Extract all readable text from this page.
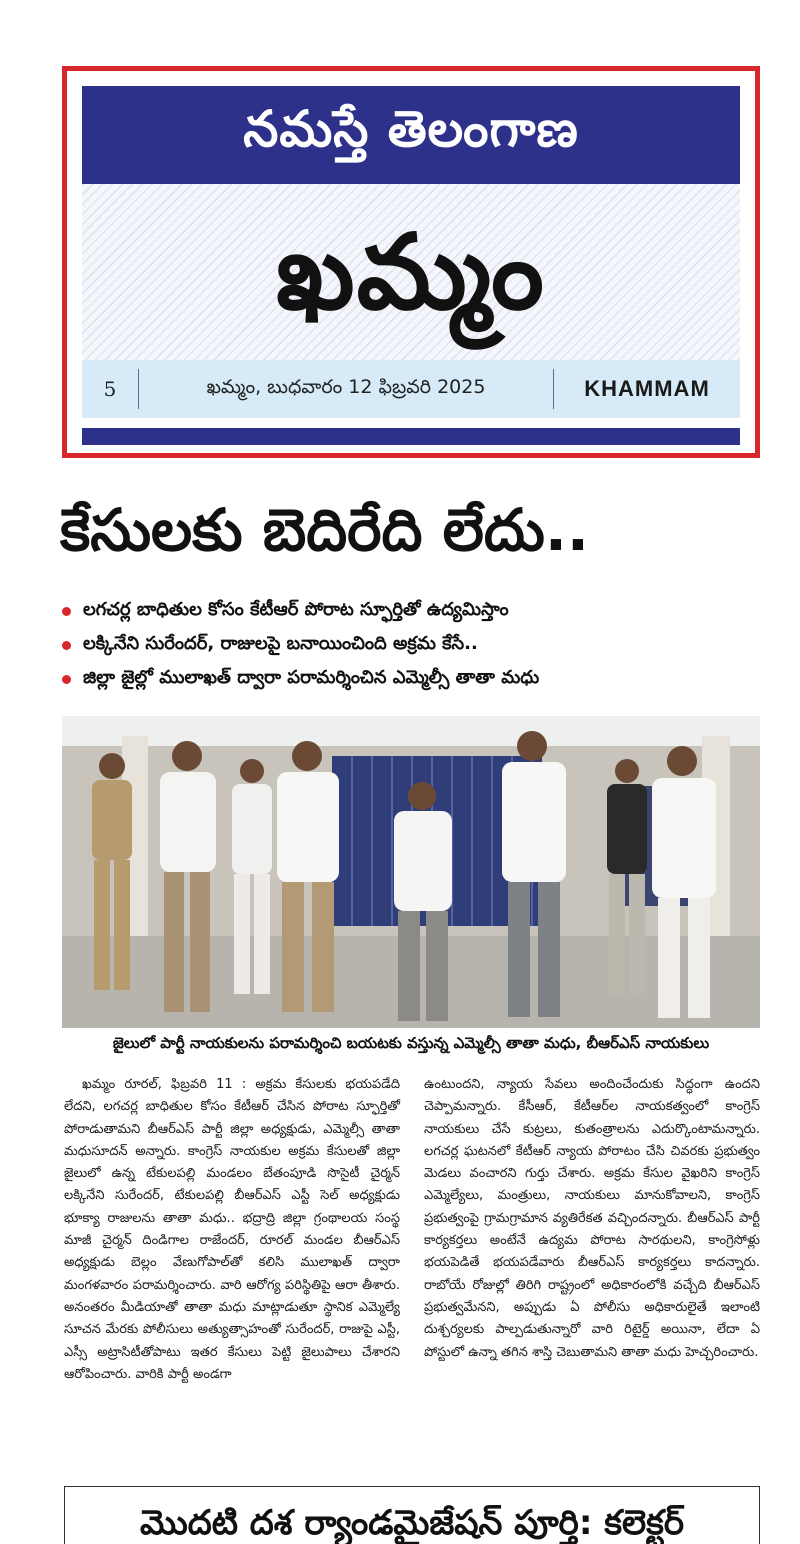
నమస్తే తెలంగాణ
ఖమ్మం
5	ఖమ్మం, బుధవారం 12 ఫిబ్రవరి 2025	KHAMMAM
కేసులకు బెదిరేది లేదు..
లగచర్ల బాధితుల కోసం కేటీఆర్ పోరాట స్ఫూర్తితో ఉద్యమిస్తాం
లక్కినేని సురేందర్, రాజులపై బనాయించింది అక్రమ కేసే..
జిల్లా జైల్లో ములాఖత్ ద్వారా పరామర్శించిన ఎమ్మెల్సీ తాతా మధు
జైలులో పార్టీ నాయకులను పరామర్శించి బయటకు వస్తున్న ఎమ్మెల్సీ తాతా మధు, బీఆర్ఎస్ నాయకులు
ఖమ్మం రూరల్, ఫిబ్రవరి 11 : అక్రమ కేసులకు భయపడేది లేదని, లగచర్ల బాధితుల కోసం కేటీఆర్ చేసిన పోరాట స్ఫూర్తితో పోరాడుతామని బీఆర్ఎస్ పార్టీ జిల్లా అధ్యక్షుడు, ఎమ్మెల్సీ తాతా మధుసూదన్ అన్నారు. కాంగ్రెస్ నాయకుల అక్రమ కేసులతో జిల్లా జైలులో ఉన్న టేకులపల్లి మండలం బేతంపూడి సొసైటీ చైర్మన్ లక్కినేని సురేందర్, టేకులపల్లి బీఆర్ఎస్ ఎస్టీ సెల్ అధ్యక్షుడు భూక్యా రాజులను తాతా మధు.. భద్రాద్రి జిల్లా గ్రంథాలయ సంస్థ మాజీ చైర్మన్ దిండిగాల రాజేందర్, రూరల్ మండల బీఆర్ఎస్ అధ్యక్షుడు బెల్లం వేణుగోపాల్‌తో కలిసి ములాఖత్ ద్వారా మంగళవారం పరామర్శించారు. వారి ఆరోగ్య పరిస్థితిపై ఆరా తీశారు. అనంతరం మీడియాతో తాతా మధు మాట్లాడుతూ స్థానిక ఎమ్మెల్యే సూచన మేరకు పోలీసులు అత్యుత్సాహంతో సురేందర్, రాజుపై ఎస్టీ, ఎస్సీ అట్రాసిటీతోపాటు ఇతర కేసులు పెట్టి జైలుపాలు చేశారని ఆరోపించారు. వారికి పార్టీ అండగా
ఉంటుందని, న్యాయ సేవలు అందించేందుకు సిద్ధంగా ఉందని చెప్పామన్నారు. కేసీఆర్, కేటీఆర్‌ల నాయకత్వంలో కాంగ్రెస్ నాయకులు చేసే కుట్రలు, కుతంత్రాలను ఎదుర్కొంటామన్నారు. లగచర్ల ఘటనలో కేటీఆర్ న్యాయ పోరాటం చేసి చివరకు ప్రభుత్వం మెడలు వంచారని గుర్తు చేశారు. అక్రమ కేసుల వైఖరిని కాంగ్రెస్ ఎమ్మెల్యేలు, మంత్రులు, నాయకులు మానుకోవాలని, కాంగ్రెస్ ప్రభుత్వంపై గ్రామగ్రామాన వ్యతిరేకత వచ్చిందన్నారు. బీఆర్ఎస్ పార్టీ కార్యకర్తలు అంటేనే ఉద్యమ పోరాట సారథులని, కాంగ్రెసోళ్లు భయపెడితే భయపడేవారు బీఆర్ఎస్ కార్యకర్తలు కాదన్నారు. రాబోయే రోజుల్లో తిరిగి రాష్ట్రంలో అధికారంలోకి వచ్చేది బీఆర్ఎస్ ప్రభుత్వమేనని, అప్పుడు ఏ పోలీసు అధికారులైతే ఇలాంటి దుశ్చర్యలకు పాల్పడుతున్నారో వారి రిటైర్డ్ అయినా, లేదా ఏ పోస్టులో ఉన్నా తగిన శాస్తి చెబుతామని తాతా మధు హెచ్చరించారు.
మొదటి దశ ర్యాండమైజేషన్ పూర్తి: కలెక్టర్
